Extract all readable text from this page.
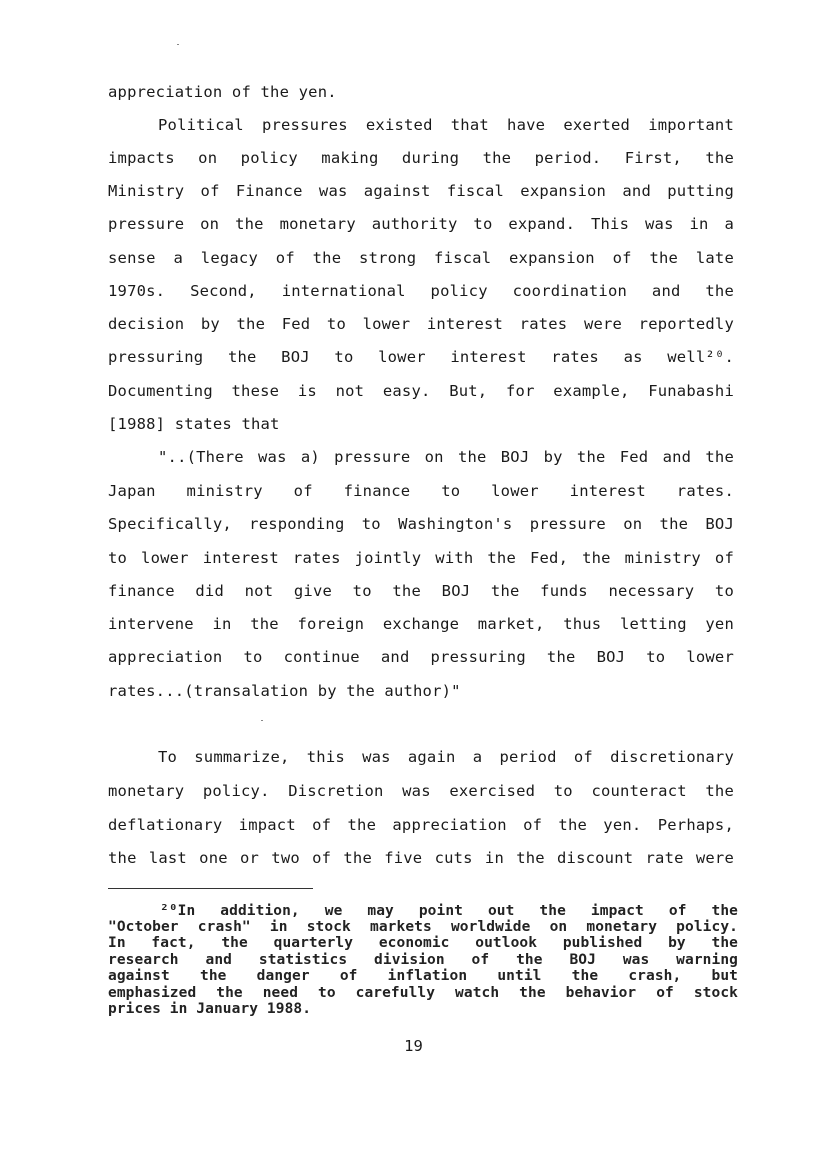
appreciation of the yen.
Political pressures existed that have exerted important
impacts on policy making during the period. First, the
Ministry of Finance was against fiscal expansion and putting
pressure on the monetary authority to expand. This was in a
sense a legacy of the strong fiscal expansion of the late
1970s. Second, international policy coordination and the
decision by the Fed to lower interest rates were reportedly
pressuring the BOJ to lower interest rates as well²⁰.
Documenting these is not easy. But, for example, Funabashi
[1988] states that
"..(There was a) pressure on the BOJ by the Fed and the
Japan ministry of finance to lower interest rates.
Specifically, responding to Washington's pressure on the BOJ
to lower interest rates jointly with the Fed, the ministry of
finance did not give to the BOJ the funds necessary to
intervene in the foreign exchange market, thus letting yen
appreciation to continue and pressuring the BOJ to lower
rates...(transalation by the author)"
To summarize, this was again a period of discretionary
monetary policy. Discretion was exercised to counteract the
deflationary impact of the appreciation of the yen. Perhaps,
the last one or two of the five cuts in the discount rate were
²⁰In addition, we may point out the impact of the
"October crash" in stock markets worldwide on monetary policy.
In fact, the quarterly economic outlook published by the
research and statistics division of the BOJ was warning
against the danger of inflation until the crash, but
emphasized the need to carefully watch the behavior of stock
prices in January 1988.
19
